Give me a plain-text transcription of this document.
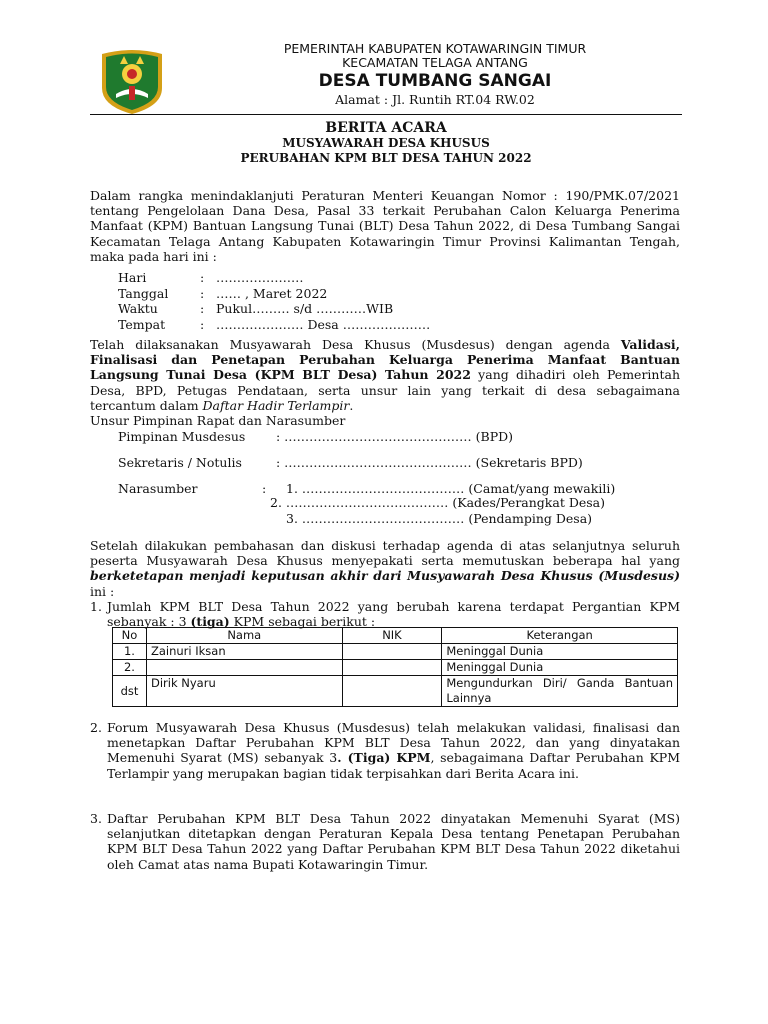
PEMERINTAH KABUPATEN KOTAWARINGIN TIMUR
KECAMATAN TELAGA ANTANG
DESA TUMBANG SANGAI
Alamat : Jl. Runtih RT.04 RW.02
BERITA ACARA
MUSYAWARAH DESA KHUSUS
PERUBAHAN KPM BLT DESA TAHUN 2022
Dalam rangka menindaklanjuti Peraturan Menteri Keuangan Nomor : 190/PMK.07/2021 tentang Pengelolaan Dana Desa, Pasal 33 terkait Perubahan Calon Keluarga Penerima Manfaat (KPM) Bantuan Langsung Tunai (BLT) Desa Tahun 2022, di Desa Tumbang Sangai Kecamatan Telaga Antang Kabupaten Kotawaringin Timur Provinsi Kalimantan Tengah, maka pada hari ini :
Hari	: …………………
Tanggal	: …… , Maret 2022
Waktu	: Pukul……… s/d …………WIB
Tempat	: ………………… Desa …………………
Telah dilaksanakan Musyawarah Desa Khusus (Musdesus) dengan agenda Validasi, Finalisasi dan Penetapan Perubahan Keluarga Penerima Manfaat Bantuan Langsung Tunai Desa (KPM BLT Desa) Tahun 2022 yang dihadiri oleh Pemerintah Desa, BPD, Petugas Pendataan, serta unsur lain yang terkait di desa sebagaimana tercantum dalam Daftar Hadir Terlampir.
Unsur Pimpinan Rapat dan Narasumber
Pimpinan Musdesus : ……………………………………… (BPD)
Sekretaris / Notulis	: ……………………………………… (Sekretaris BPD)
Narasumber	: 1. ………………………………… (Camat/yang mewakili)
2. ………………………………… (Kades/Perangkat Desa)
3. ………………………………… (Pendamping Desa)
Setelah dilakukan pembahasan dan diskusi terhadap agenda di atas selanjutnya seluruh peserta Musyawarah Desa Khusus menyepakati serta memutuskan beberapa hal yang berketetapan menjadi keputusan akhir dari Musyawarah Desa Khusus (Musdesus) ini :
1. Jumlah KPM BLT Desa Tahun 2022 yang berubah karena terdapat Pergantian KPM sebanyak : 3 (tiga) KPM sebagai berikut :
No	Nama	NIK	Keterangan
1.	Zainuri Iksan		Meninggal Dunia
2.			Meninggal Dunia
dst	Dirik Nyaru		Mengundurkan Diri/ Ganda Bantuan Lainnya
2. Forum Musyawarah Desa Khusus (Musdesus) telah melakukan validasi, finalisasi dan menetapkan Daftar Perubahan KPM BLT Desa Tahun 2022, dan yang dinyatakan Memenuhi Syarat (MS) sebanyak 3. (Tiga) KPM, sebagaimana Daftar Perubahan KPM Terlampir yang merupakan bagian tidak terpisahkan dari Berita Acara ini.
3. Daftar Perubahan KPM BLT Desa Tahun 2022 dinyatakan Memenuhi Syarat (MS) selanjutkan ditetapkan dengan Peraturan Kepala Desa tentang Penetapan Perubahan KPM BLT Desa Tahun 2022 yang Daftar Perubahan KPM BLT Desa Tahun 2022 diketahui oleh Camat atas nama Bupati Kotawaringin Timur.
